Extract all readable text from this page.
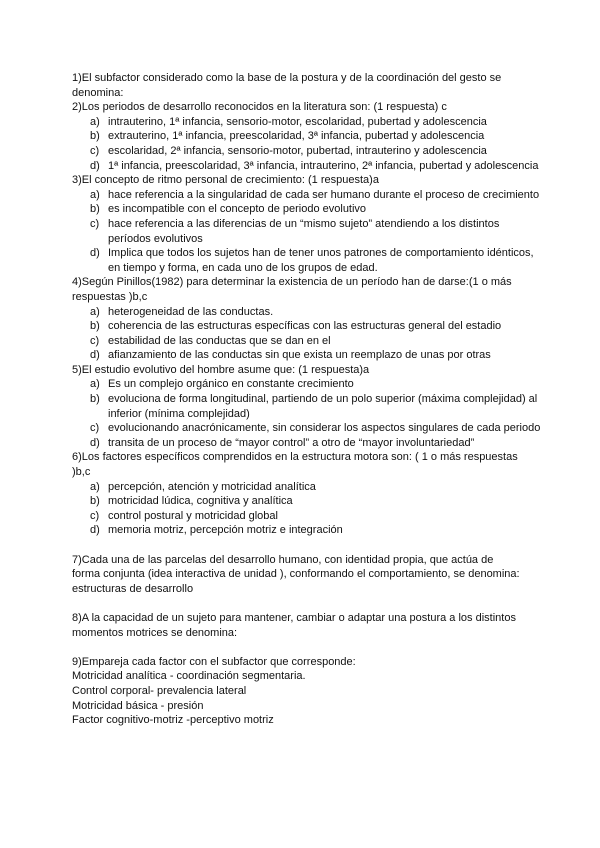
1)El subfactor considerado como la base de la postura y de la coordinación del gesto se
denomina:
2)Los periodos de desarrollo reconocidos en la literatura son: (1 respuesta) c
a) intrauterino, 1ª infancia, sensorio-motor, escolaridad, pubertad y adolescencia
b) extrauterino, 1ª infancia, preescolaridad, 3ª infancia, pubertad y adolescencia
c) escolaridad, 2ª infancia, sensorio-motor, pubertad, intrauterino y adolescencia
d) 1ª infancia, preescolaridad, 3ª infancia, intrauterino, 2ª infancia, pubertad y adolescencia
3)El concepto de ritmo personal de crecimiento: (1 respuesta)a
a) hace referencia a la singularidad de cada ser humano durante el proceso de crecimiento
b) es incompatible con el concepto de periodo evolutivo
c) hace referencia a las diferencias de un “mismo sujeto” atendiendo a los distintos períodos evolutivos
d) Implica que todos los sujetos han de tener unos patrones de comportamiento idénticos, en tiempo y forma, en cada uno de los grupos de edad.
4)Según Pinillos(1982) para determinar la existencia de un período han de darse:(1 o más
respuestas )b,c
a) heterogeneidad de las conductas.
b) coherencia de las estructuras específicas con las estructuras general del estadio
c) estabilidad de las conductas que se dan en el
d) afianzamiento de las conductas sin que exista un reemplazo de unas por otras
5)El estudio evolutivo del hombre asume que: (1 respuesta)a
a) Es un complejo orgánico en constante crecimiento
b) evoluciona de forma longitudinal, partiendo de un polo superior (máxima complejidad) al inferior (mínima complejidad)
c) evolucionando anacrónicamente, sin considerar los aspectos singulares de cada periodo
d) transita de un proceso de “mayor control” a otro de “mayor involuntariedad”
6)Los factores específicos comprendidos en la estructura motora son: ( 1 o más respuestas
)b,c
a) percepción, atención y motricidad analítica
b) motricidad lúdica, cognitiva y analítica
c) control postural y motricidad global
d) memoria motriz, percepción motriz e integración
7)Cada una de las parcelas del desarrollo humano, con identidad propia, que actúa de
forma conjunta (idea interactiva de unidad ), conformando el comportamiento, se denomina:
estructuras de desarrollo
8)A la capacidad de un sujeto para mantener, cambiar o adaptar una postura a los distintos
momentos motrices se denomina:
9)Empareja cada factor con el subfactor que corresponde:
Motricidad analítica - coordinación segmentaria.
Control corporal- prevalencia lateral
Motricidad básica - presión
Factor cognitivo-motriz -perceptivo motriz
